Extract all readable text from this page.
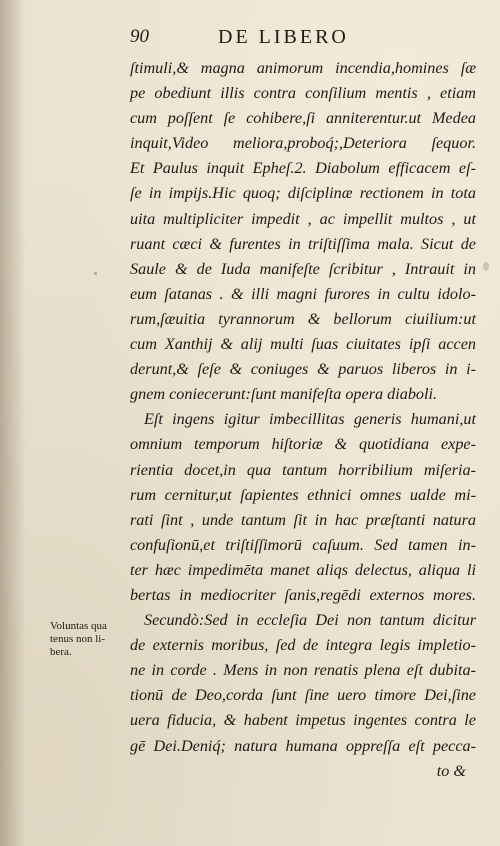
90	DE LIBERO
ſtimuli,& magna animorum incendia,homines ſæ
pe obediunt illis contra conſilium mentis , etiam
cum poſſent ſe cohibere,ſi anniterentur.ut Medea
inquit,Video meliora,proboq́;,Deteriora ſequor.
Et Paulus inquit Epheſ.2. Diabolum efficacem eſ-
ſe in impijs.Hic quoq; diſciplinæ rectionem in tota
uita multipliciter impedit , ac impellit multos , ut
ruant cæci & furentes in triſtiſſima mala. Sicut de
Saule & de Iuda manifeſte ſcribitur , Intrauit in
eum ſatanas . & illi magni furores in cultu idolo-
rum,ſæuitia tyrannorum & bellorum ciuilium:ut
cum Xanthij & alij multi ſuas ciuitates ipſi accen
derunt,& ſeſe & coniuges & paruos liberos in i-
gnem coniecerunt:ſunt manifeſta opera diaboli.
Eſt ingens igitur imbecillitas generis humani,ut
omnium temporum hiſtoriæ & quotidiana expe-
rientia docet,in qua tantum horribilium miſeria-
rum cernitur,ut ſapientes ethnici omnes ualde mi-
rati ſint , unde tantum ſit in hac præſtanti natura
confuſionū,et triſtiſſimorū caſuum. Sed tamen in-
ter hæc impedimēta manet aliqs delectus, aliqua li
bertas in mediocriter ſanis,regēdi externos mores.
Secundò:Sed in eccleſia Dei non tantum dicitur
de externis moribus, ſed de integra legis impletio-
ne in corde . Mens in non renatis plena eſt dubita-
tionū de Deo,corda ſunt ſine uero timore Dei,ſine
uera fiducia, & habent impetus ingentes contra le
gē Dei.Deniq́; natura humana oppreſſa eſt pecca-
to &
Voluntas qua
tenus non li-
bera.
